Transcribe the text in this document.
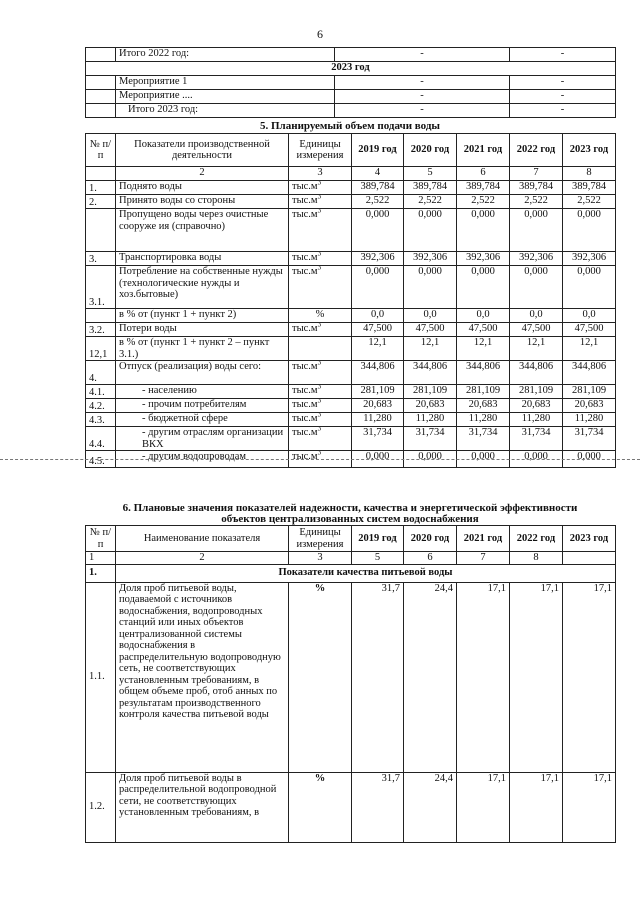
6
	Итого 2022 год:	-	-
2023 год			
	Мероприятие 1	-	-
	Мероприятие ....	-	-
	Итого 2023 год:	-	-
5. Планируемый объем подачи воды
№ п/п	Показатели производственной деятельности	Единицы измерения	2019 год	2020 год	2021 год	2022 год	2023 год
	2	3	4	5	6	7	8
1.	Поднято воды	$тыс.м^3$	389,784	389,784	389,784	389,784	389,784
2.	Принято воды со стороны	$тыс.м^3$	2,522	2,522	2,522	2,522	2,522
	Пропущено воды через очистные сооруже ия (справочно)	$тыс.м^3$	0,000	0,000	0,000	0,000	0,000
3.	Транспортировка воды	$тыс.м^3$	392,306	392,306	392,306	392,306	392,306
3.1.	Потребление на собственные нужды (технологические нужды и хоз.бытовые)	$тыс.м^3$	0,000	0,000	0,000	0,000	0,000
	в % от (пункт 1 + пункт 2)	%	0,0	0,0	0,0	0,0	0,0
3.2.	Потери воды	$тыс.м^3$	47,500	47,500	47,500	47,500	47,500
12,1	в % от (пункт 1 + пункт 2 – пункт 3.1.)		12,1	12,1	12,1	12,1	12,1
4.	Отпуск (реализация) воды сего:	$тыс.м^3$	344,806	344,806	344,806	344,806	344,806
4.1.	- населению	$тыс.м^3$	281,109	281,109	281,109	281,109	281,109
4.2.	- прочим потребителям	$тыс.м^3$	20,683	20,683	20,683	20,683	20,683
4.3.	- бюджетной сфере	$тыс.м^3$	11,280	11,280	11,280	11,280	11,280
4.4.	- другим отраслям организации ВКХ	$тыс.м^3$	31,734	31,734	31,734	31,734	31,734
4.5.	- другим водопроводам	$тыс.м^3$	0,000	0,000	0,000	0,000	0,000
6. Плановые значения показателей надежности, качества и энергетической эффективности
объектов централизованных систем водоснабжения
№ п/п	Наименование показателя	Единицы измерения	2019 год	2020 год	2021 год	2022 год	2023 год
1	2	3	5	6	7	8	
1.	Показатели качества питьевой воды						
1.1.	Доля проб питьевой воды, подаваемой с источников водоснабжения, водопроводных станций или иных объектов централизованной системы водоснабжения в распределительную водопроводную сеть, не соответствующих установленным требованиям, в общем объеме проб, отоб анных по результатам производственного контроля качества питьевой воды	%	31,7	24,4	17,1	17,1	17,1
1.2.	Доля проб питьевой воды в распределительной водопроводной сети, не соответствующих установленным требованиям, в	%	31,7	24,4	17,1	17,1	17,1
